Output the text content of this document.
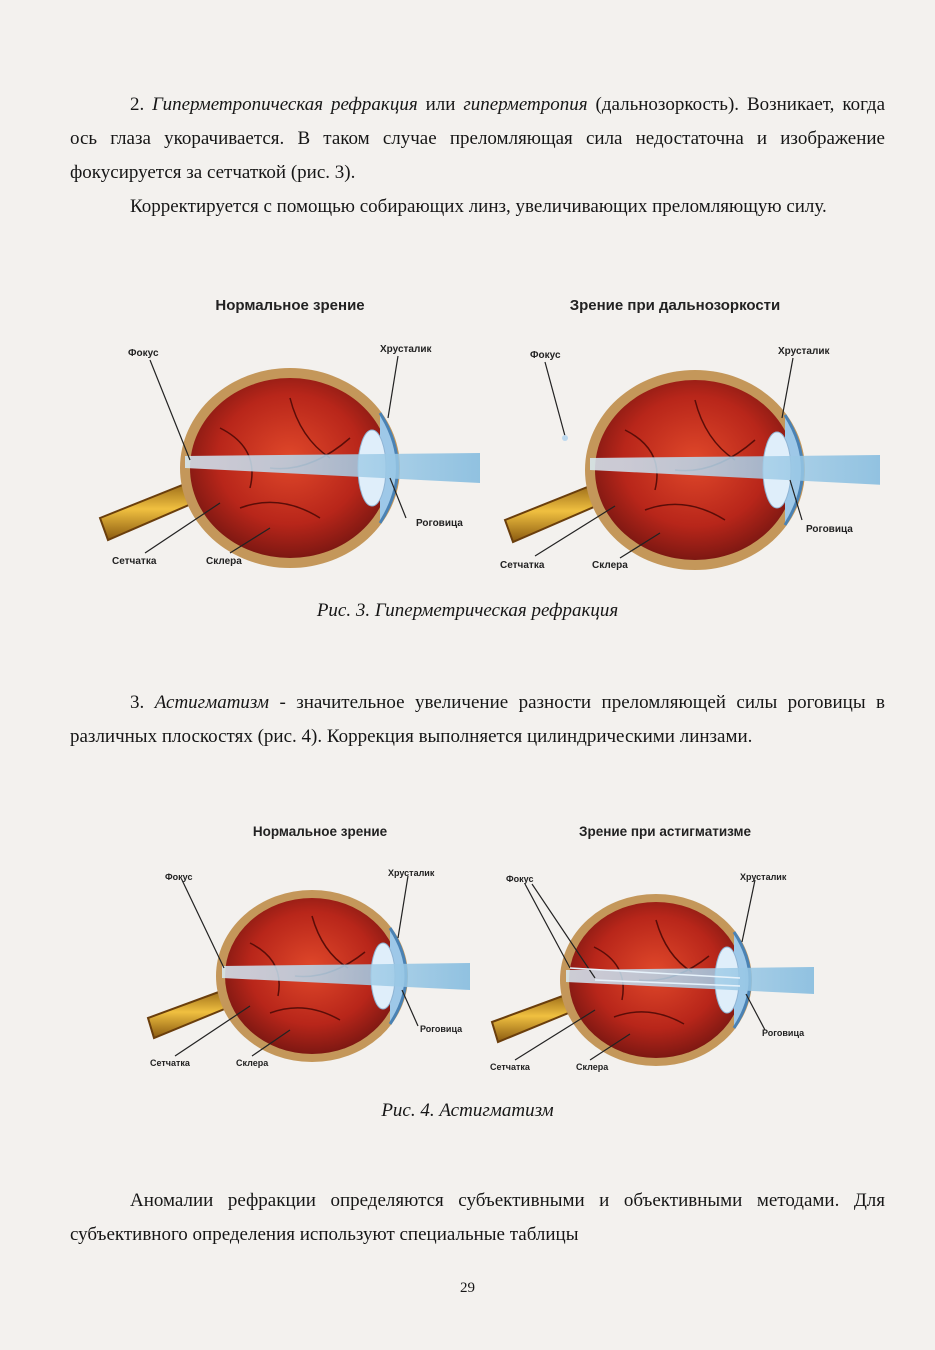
2. Гиперметропическая рефракция или гиперметропия (дальнозоркость). Возникает, когда ось глаза укорачивается. В таком случае преломляющая сила недостаточна и изображение фокусируется за сетчаткой (рис. 3).

Корректируется с помощью собирающих линз, увеличивающих преломляющую силу.

Нормальное зрение	Зрение при дальнозоркости
Фокус	Хрусталик
Роговица
Сетчатка	Склера
Фокус	Хрусталик
Роговица
Сетчатка	Склера
Рис. 3. Гиперметрическая рефракция

3. Астигматизм - значительное увеличение разности преломляющей силы роговицы в различных плоскостях (рис. 4). Коррекция выполняется цилиндрическими линзами.

Нормальное зрение	Зрение при астигматизме
Фокус	Хрусталик
Роговица
Сетчатка	Склера
Фокус	Хрусталик
Роговица
Сетчатка	Склера
Рис. 4. Астигматизм

Аномалии рефракции определяются субъективными и объективными методами. Для субъективного определения используют специальные таблицы

29
